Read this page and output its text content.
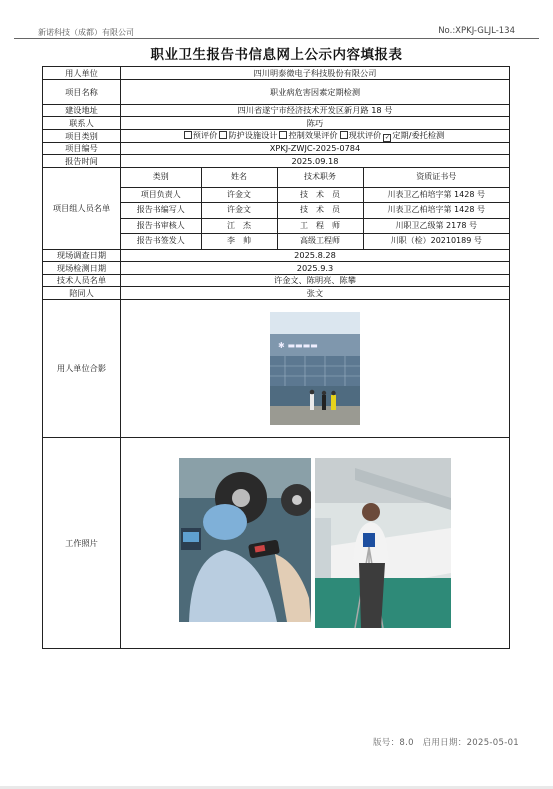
新诺科技（成都）有限公司	No.:XPKJ-GLJL-134
职业卫生报告书信息网上公示内容填报表
用人单位	四川明泰微电子科技股份有限公司
项目名称	职业病危害因素定期检测
建设地址	四川省遂宁市经济技术开发区新月路 18 号
联系人	陈巧
项目类别	预评价 防护设施设计 控制效果评价 现状评价 ✓ 定期/委托检测
项目编号	XPKJ-ZWJC-2025-0784
报告时间	2025.09.18
项目组人员名单	
类别	姓名	技术职务	资质证书号
项目负责人	许金文	技　术　员	川表卫乙柏培字第 1428 号
报告书编写人	许金文	技　术　员	川表卫乙柏培字第 1428 号
报告书审核人	江　杰	工　程　师	川职卫乙级第 2178 号
报告书签发人	李　帅	高级工程师	川职（检）20210189 号

现场调查日期	2025.8.28
现场检测日期	2025.9.3
技术人员名单	许金文、陈明亮、陈攀
陪同人	张文
用人单位合影	
✱ ▬▬▬▬

工作照片	
版号：8.0　启用日期：2025-05-01
